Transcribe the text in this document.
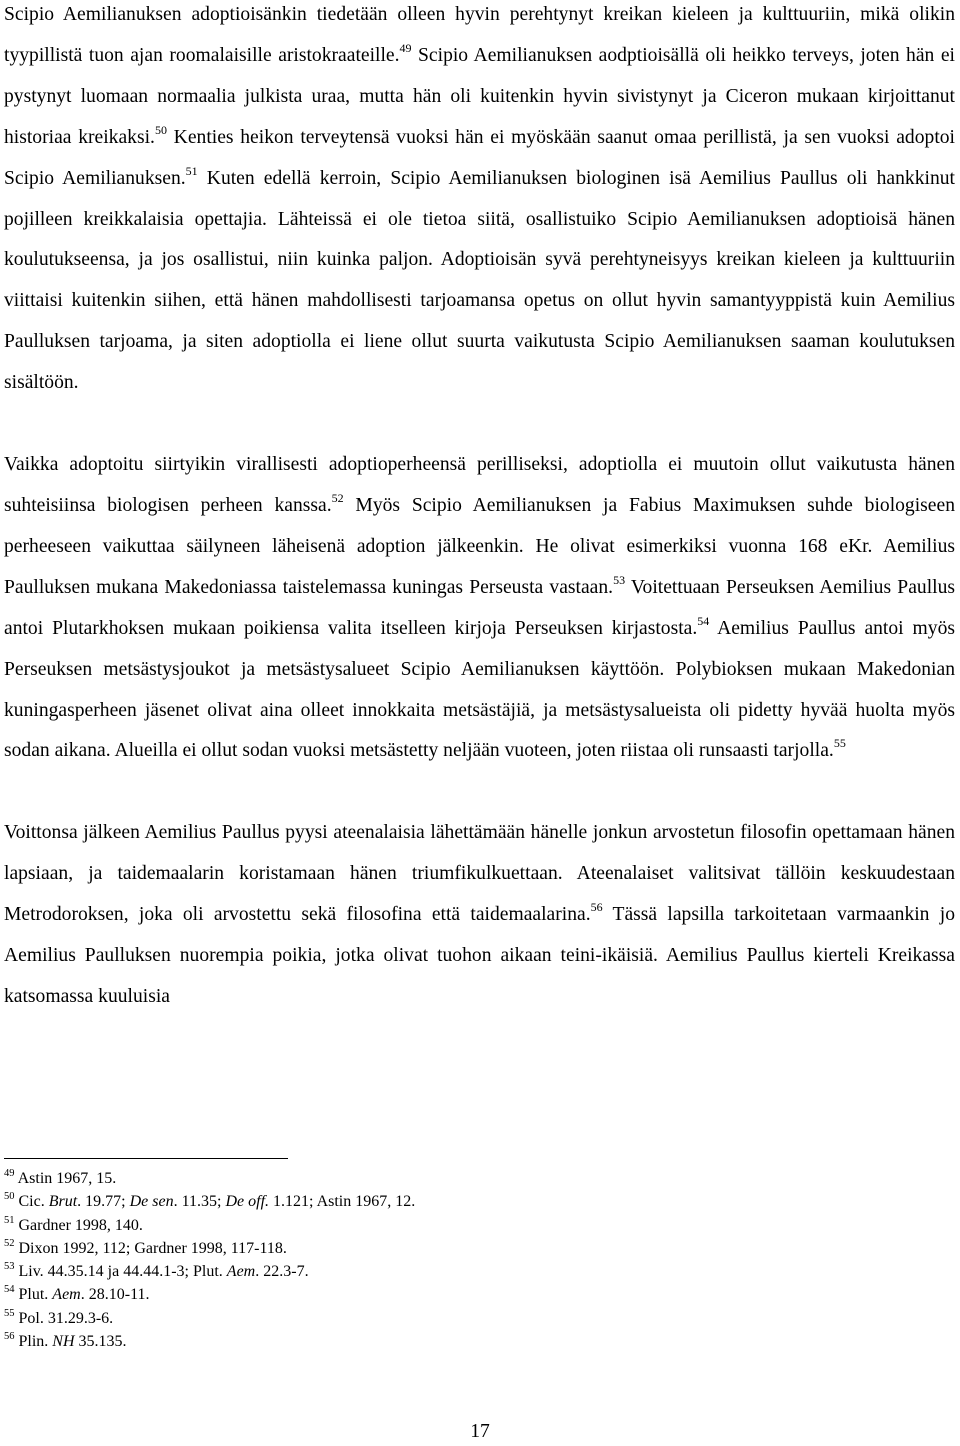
Scipio Aemilianuksen adoptioisänkin tiedetään olleen hyvin perehtynyt kreikan kieleen ja kulttuuriin, mikä olikin tyypillistä tuon ajan roomalaisille aristokraateille.$^{49}$ Scipio Aemilianuksen aodptioisällä oli heikko terveys, joten hän ei pystynyt luomaan normaalia julkista uraa, mutta hän oli kuitenkin hyvin sivistynyt ja Ciceron mukaan kirjoittanut historiaa kreikaksi.$^{50}$ Kenties heikon terveytensä vuoksi hän ei myöskään saanut omaa perillistä, ja sen vuoksi adoptoi Scipio Aemilianuksen.$^{51}$ Kuten edellä kerroin, Scipio Aemilianuksen biologinen isä Aemilius Paullus oli hankkinut pojilleen kreikkalaisia opettajia. Lähteissä ei ole tietoa siitä, osallistuiko Scipio Aemilianuksen adoptioisä hänen koulutukseensa, ja jos osallistui, niin kuinka paljon. Adoptioisän syvä perehtyneisyys kreikan kieleen ja kulttuuriin viittaisi kuitenkin siihen, että hänen mahdollisesti tarjoamansa opetus on ollut hyvin samantyyppistä kuin Aemilius Paulluksen tarjoama, ja siten adoptiolla ei liene ollut suurta vaikutusta Scipio Aemilianuksen saaman koulutuksen sisältöön.

Vaikka adoptoitu siirtyikin virallisesti adoptioperheensä perilliseksi, adoptiolla ei muutoin ollut vaikutusta hänen suhteisiinsa biologisen perheen kanssa.$^{52}$ Myös Scipio Aemilianuksen ja Fabius Maximuksen suhde biologiseen perheeseen vaikuttaa säilyneen läheisenä adoption jälkeenkin. He olivat esimerkiksi vuonna 168 eKr. Aemilius Paulluksen mukana Makedoniassa taistelemassa kuningas Perseusta vastaan.$^{53}$ Voitettuaan Perseuksen Aemilius Paullus antoi Plutarkhoksen mukaan poikiensa valita itselleen kirjoja Perseuksen kirjastosta.$^{54}$ Aemilius Paullus antoi myös Perseuksen metsästysjoukot ja metsästysalueet Scipio Aemilianuksen käyttöön. Polybioksen mukaan Makedonian kuningasperheen jäsenet olivat aina olleet innokkaita metsästäjiä, ja metsästysalueista oli pidetty hyvää huolta myös sodan aikana. Alueilla ei ollut sodan vuoksi metsästetty neljään vuoteen, joten riistaa oli runsaasti tarjolla.$^{55}$

Voittonsa jälkeen Aemilius Paullus pyysi ateenalaisia lähettämään hänelle jonkun arvostetun filosofin opettamaan hänen lapsiaan, ja taidemaalarin koristamaan hänen triumfikulkuettaan. Ateenalaiset valitsivat tällöin keskuudestaan Metrodoroksen, joka oli arvostettu sekä filosofina että taidemaalarina.$^{56}$ Tässä lapsilla tarkoitetaan varmaankin jo Aemilius Paulluksen nuorempia poikia, jotka olivat tuohon aikaan teini-ikäisiä. Aemilius Paullus kierteli Kreikassa katsomassa kuuluisia

$^{49}$ Astin 1967, 15.
$^{50}$ Cic. Brut. 19.77; De sen. 11.35; De off. 1.121; Astin 1967, 12.
$^{51}$ Gardner 1998, 140.
$^{52}$ Dixon 1992, 112; Gardner 1998, 117-118.
$^{53}$ Liv. 44.35.14 ja 44.44.1-3; Plut. Aem. 22.3-7.
$^{54}$ Plut. Aem. 28.10-11.
$^{55}$ Pol. 31.29.3-6.
$^{56}$ Plin. NH 35.135.
17
